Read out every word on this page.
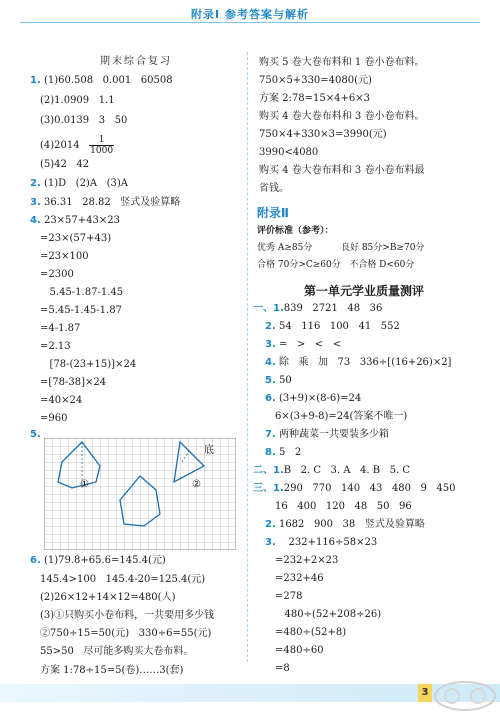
附录Ⅰ 参考答案与解析
期末综合复习
1. (1)60.508   0.001   60508
(2)1.0909   1.1
(3)0.0139   3   50
$(4)2014 \frac{1}{1000}$
(5)42   42
2. (1)D   (2)A   (3)A
3. 36.31   28.82   竖式及验算略
4. 23×57+43×23
=23×(57+43)
=23×100
=2300
5.45-1.87-1.45
=5.45-1.45-1.87
=4-1.87
=2.13
[78-(23+15)]×24
=[78-38]×24
=40×24
=960
5.
①	②
底
6. (1)79.8+65.6=145.4(元)
145.4>100   145.4-20=125.4(元)
(2)26×12+14×12=480(人)
(3)①只购买小卷布料，一共要用多少钱
②750÷15=50(元)   330÷6=55(元)
55>50   尽可能多购买大卷布料。
方案 1:78÷15=5(卷)……3(套)
购买 5 卷大卷布料和 1 卷小卷布料。
750×5+330=4080(元)
方案 2:78=15×4+6×3
购买 4 卷大卷布料和 3 卷小卷布料。
750×4+330×3=3990(元)
3990<4080
购买 4 卷大卷布料和 3 卷小卷布料最
省钱。
附录Ⅱ
评价标准（参考）：
优秀 A≥85分          良好 85分>B≥70分
合格 70分>C≥60分   不合格 D<60分
第一单元学业质量测评
一、1.839   2721   48   36
2. 54   116   100   41   552
3. =   >   <   <
4. 除   乘   加   73   336÷[(16+26)×2]
5. 50
6. (3+9)×(8-6)=24
6×(3+9-8)=24(答案不唯一)
7. 两种蔬菜一共要装多少箱
8. 5   2
二、1.B   2. C   3. A   4. B   5. C
三、1.290   770   140   43   480   9   450
16   400   120   48   50   96
2. 1682   900   38   竖式及验算略
3.    232+116÷58×23
=232+2×23
=232+46
=278
480÷(52+208÷26)
=480÷(52+8)
=480÷60
=8
3
